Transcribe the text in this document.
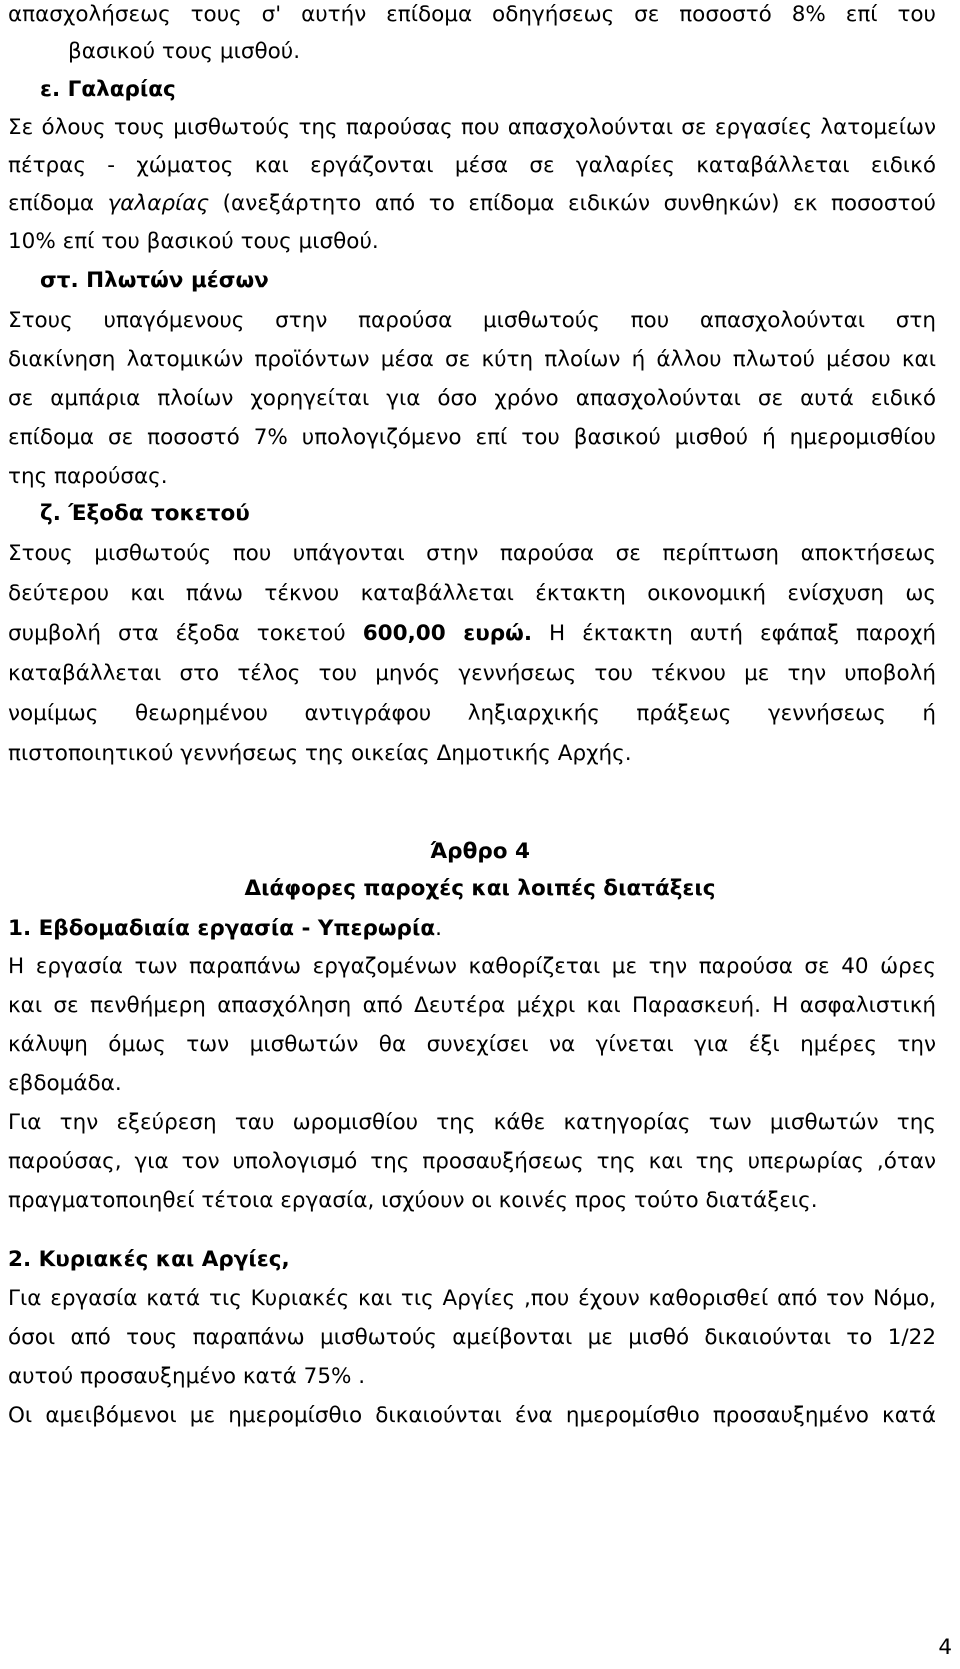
απασχολήσεως τους σ' αυτήν επίδομα οδηγήσεως σε ποσοστό 8% επί του
βασικού τους μισθού.
ε. Γαλαρίας
Σε όλους τους μισθωτούς της παρούσας που απασχολούνται σε εργασίες λατομείων
πέτρας - χώματος και εργάζονται μέσα σε γαλαρίες καταβάλλεται ειδικό
επίδομα γαλαρίας (ανεξάρτητο από το επίδομα ειδικών συνθηκών) εκ ποσοστού
10% επί του βασικού τους μισθού.
στ. Πλωτών μέσων
Στους υπαγόμενους στην παρούσα μισθωτούς που απασχολούνται στη
διακίνηση λατομικών προϊόντων μέσα σε κύτη πλοίων ή άλλου πλωτού μέσου και
σε αμπάρια πλοίων χορηγείται για όσο χρόνο απασχολούνται σε αυτά ειδικό
επίδομα σε ποσοστό 7% υπολογιζόμενο επί του βασικού μισθού ή ημερομισθίου
της παρούσας.
ζ. Έξοδα τοκετού
Στους μισθωτούς που υπάγονται στην παρούσα σε περίπτωση αποκτήσεως
δεύτερου και πάνω τέκνου καταβάλλεται έκτακτη οικονομική ενίσχυση ως
συμβολή στα έξοδα τοκετού 600,00 ευρώ. Η έκτακτη αυτή εφάπαξ παροχή
καταβάλλεται στο τέλος του μηνός γεννήσεως του τέκνου με την υποβολή
νομίμως θεωρημένου αντιγράφου ληξιαρχικής πράξεως γεννήσεως ή
πιστοποιητικού γεννήσεως της οικείας Δημοτικής Αρχής.
Άρθρο 4
Διάφορες παροχές και λοιπές διατάξεις
1. Εβδομαδιαία εργασία - Υπερωρία.
Η εργασία των παραπάνω εργαζομένων καθορίζεται με την παρούσα σε 40 ώρες
και σε πενθήμερη απασχόληση από Δευτέρα μέχρι και Παρασκευή. Η ασφαλιστική
κάλυψη όμως των μισθωτών θα συνεχίσει να γίνεται για έξι ημέρες την
εβδομάδα.
Για την εξεύρεση ταυ ωρομισθίου της κάθε κατηγορίας των μισθωτών της
παρούσας, για τον υπολογισμό της προσαυξήσεως της και της υπερωρίας ,όταν
πραγματοποιηθεί τέτοια εργασία, ισχύουν οι κοινές προς τούτο διατάξεις.
2. Κυριακές και Αργίες,
Για εργασία κατά τις Κυριακές και τις Αργίες ,που έχουν καθορισθεί από τον Νόμο,
όσοι από τους παραπάνω μισθωτούς αμείβονται με μισθό δικαιούνται το 1/22
αυτού προσαυξημένο κατά 75% .
Οι αμειβόμενοι με ημερομίσθιο δικαιούνται ένα ημερομίσθιο προσαυξημένο κατά
4
